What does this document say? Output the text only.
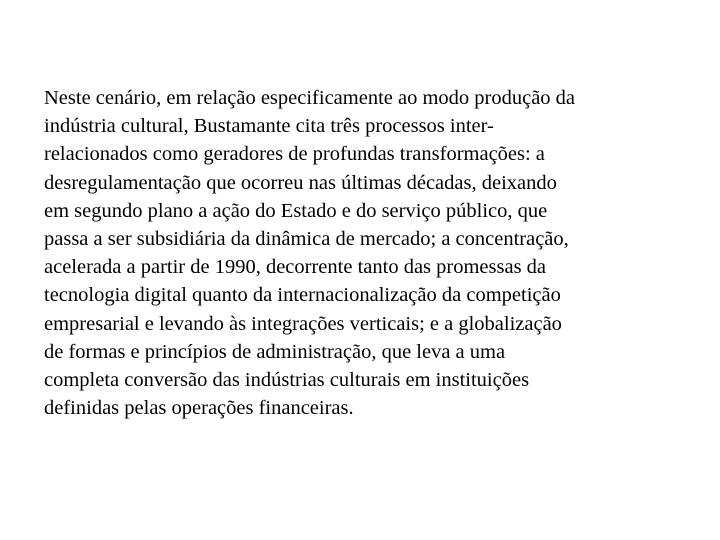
Neste cenário, em relação especificamente ao modo produção da
indústria cultural, Bustamante cita três processos inter-
relacionados como geradores de profundas transformações: a
desregulamentação que ocorreu nas últimas décadas, deixando
em segundo plano a ação do Estado e do serviço público, que
passa a ser subsidiária da dinâmica de mercado; a concentração,
acelerada a partir de 1990, decorrente tanto das promessas da
tecnologia digital quanto da internacionalização da competição
empresarial e levando às integrações verticais; e a globalização
de formas e princípios de administração, que leva a uma
completa conversão das indústrias culturais em instituições
definidas pelas operações financeiras.
